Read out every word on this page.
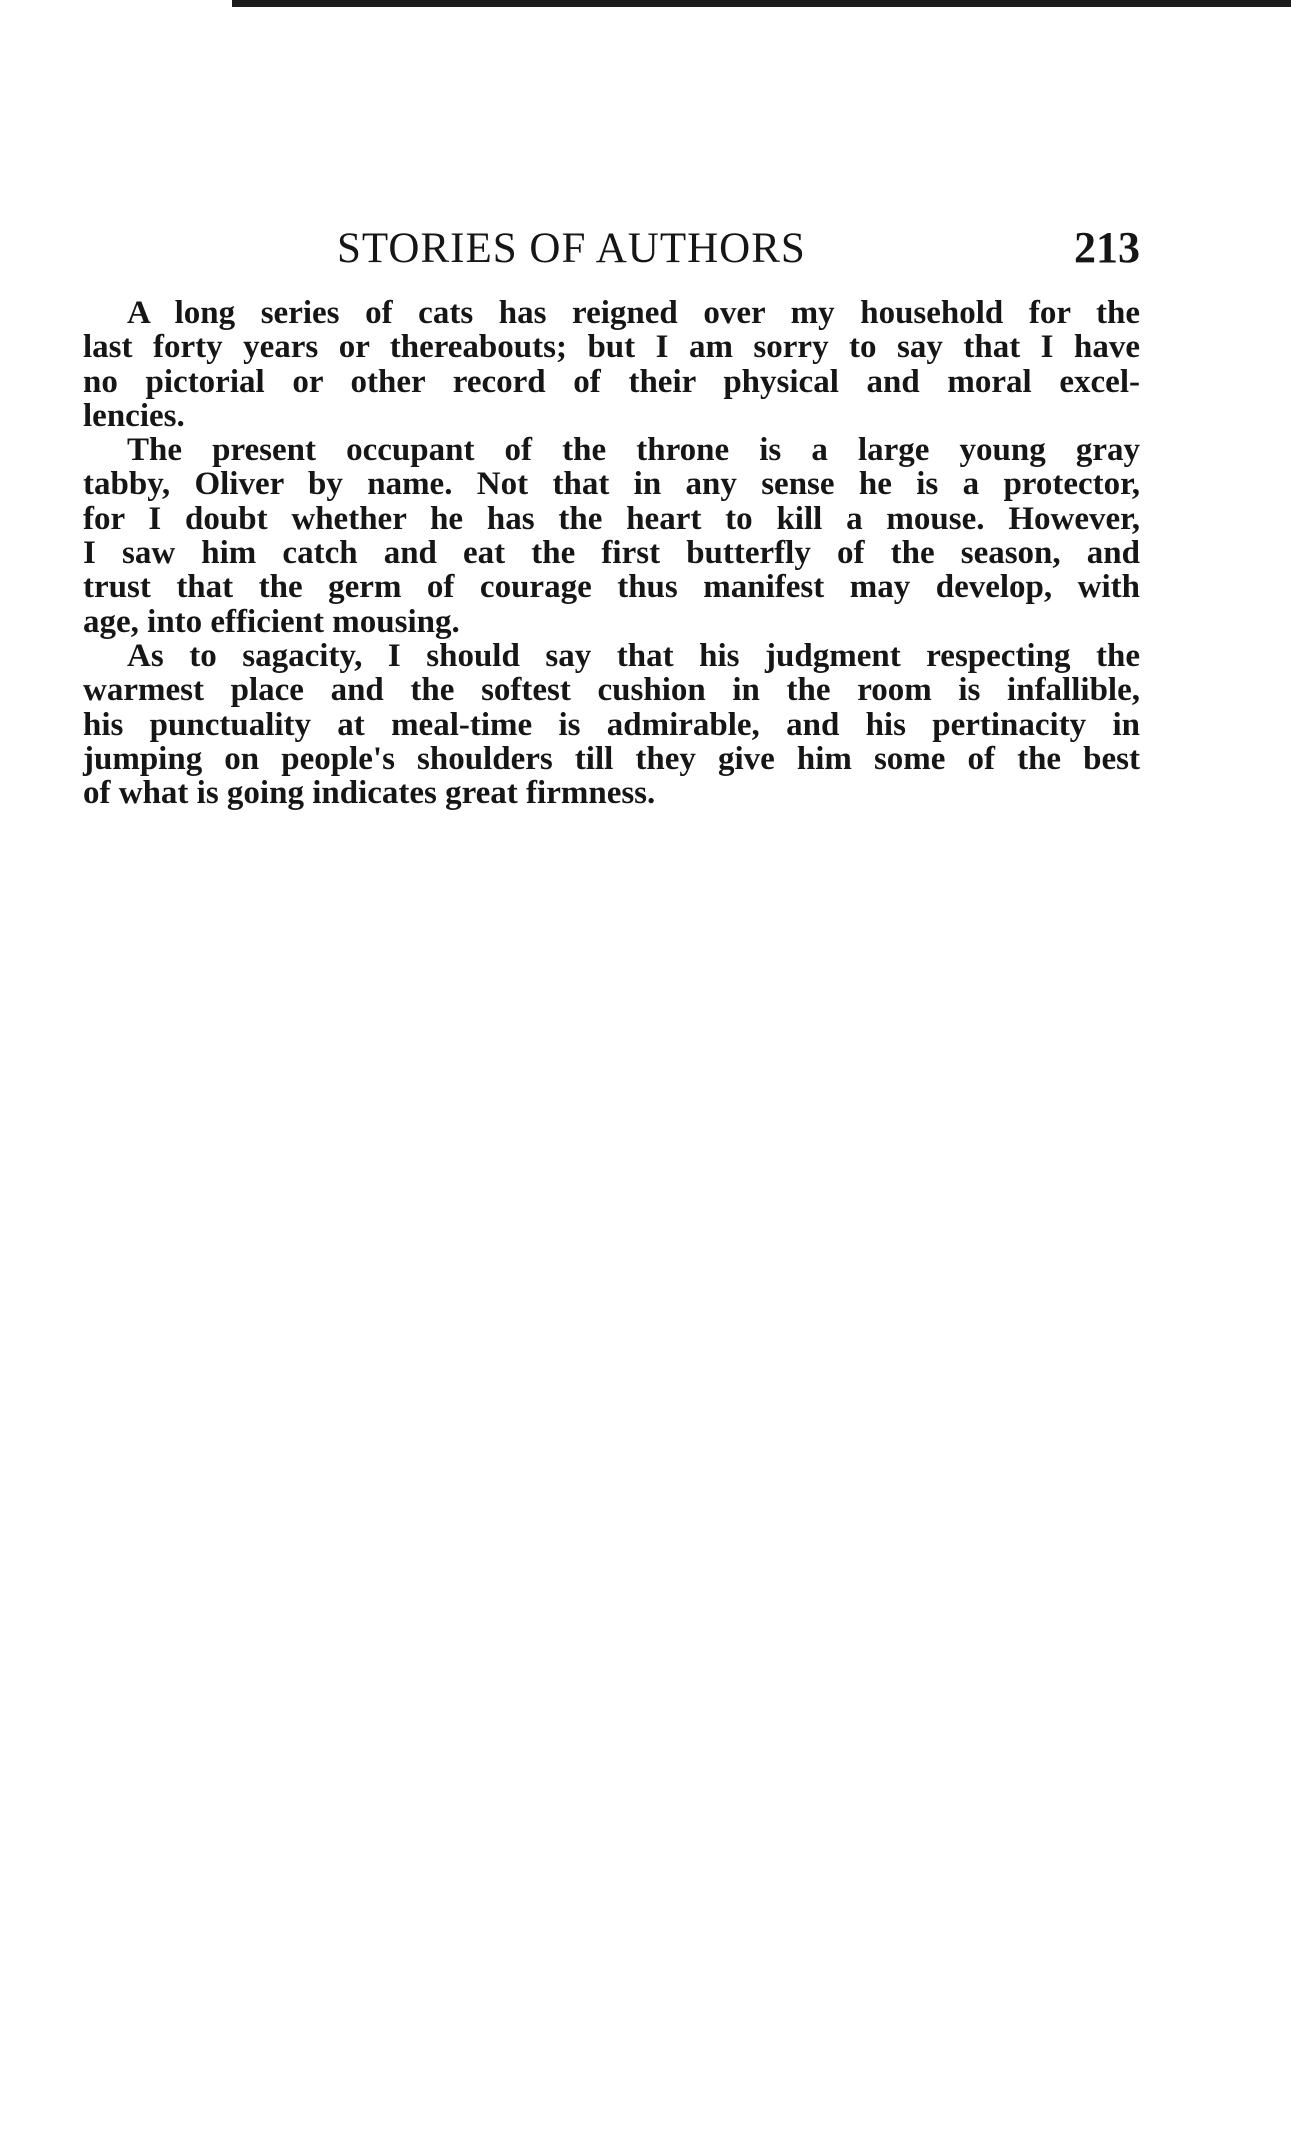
STORIES OF AUTHORS	213
A long series of cats has reigned over my household for the
last forty years or thereabouts; but I am sorry to say that I have
no pictorial or other record of their physical and moral excel-
lencies.
The present occupant of the throne is a large young gray
tabby, Oliver by name. Not that in any sense he is a protector,
for I doubt whether he has the heart to kill a mouse. However,
I saw him catch and eat the first butterfly of the season, and
trust that the germ of courage thus manifest may develop, with
age, into efficient mousing.
As to sagacity, I should say that his judgment respecting the
warmest place and the softest cushion in the room is infallible,
his punctuality at meal-time is admirable, and his pertinacity in
jumping on people's shoulders till they give him some of the best
of what is going indicates great firmness.
